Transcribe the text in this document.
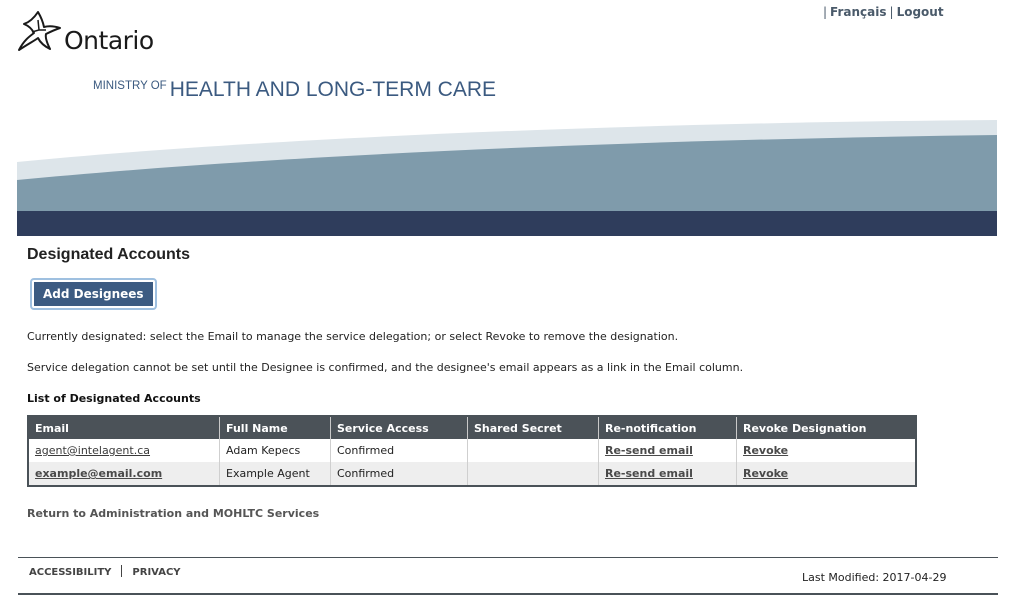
| Français | Logout
Ontario
$^{MINISTRY OF}$ HEALTH AND LONG-TERM CARE
Designated Accounts
Add Designees
Currently designated: select the Email to manage the service delegation; or select Revoke to remove the designation.
Service delegation cannot be set until the Designee is confirmed, and the designee's email appears as a link in the Email column.
List of Designated Accounts
Email	Full Name	Service Access	Shared Secret	Re-notification	Revoke Designation
agent@intelagent.ca	Adam Kepecs	Confirmed		Re-send email	Revoke
example@email.com	Example Agent	Confirmed		Re-send email	Revoke
Return to Administration and MOHLTC Services
ACCESSIBILITY PRIVACY	Last Modified: 2017-04-29
